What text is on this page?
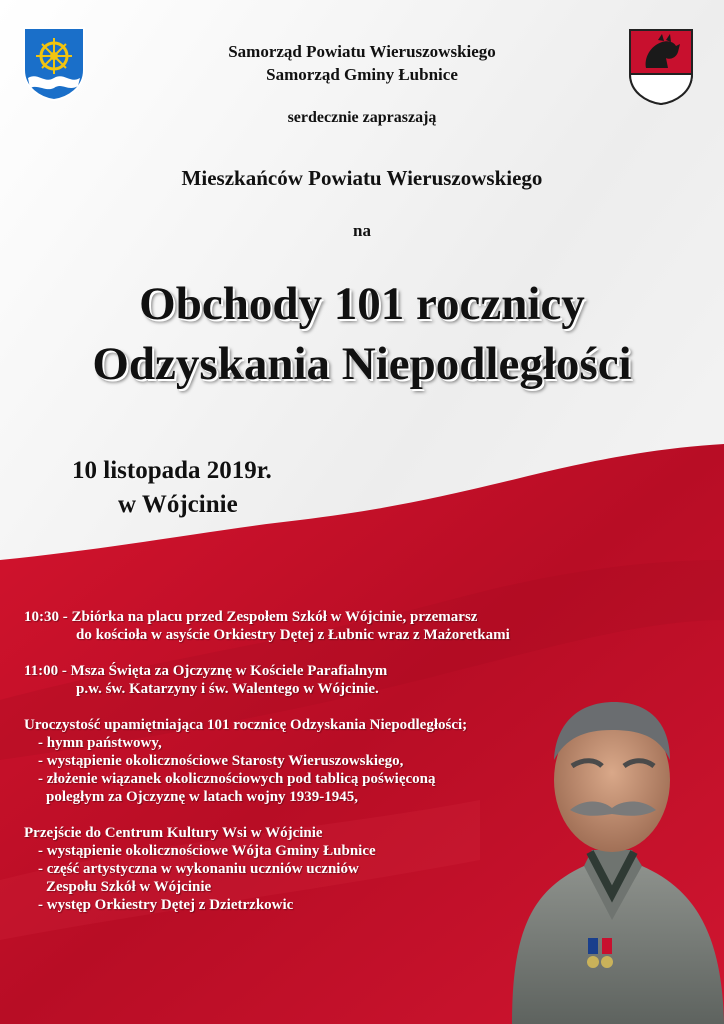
Samorząd Powiatu Wieruszowskiego
Samorząd Gminy Łubnice
serdecznie zapraszają
Mieszkańców Powiatu Wieruszowskiego
na
Obchody 101 rocznicy
Odzyskania Niepodległości
10 listopada 2019r.
w Wójcinie
10:30 - Zbiórka na placu przed Zespołem Szkół w Wójcinie, przemarsz
do kościoła w asyście Orkiestry Dętej z Łubnic wraz z Mażoretkami
11:00 - Msza Święta za Ojczyznę w Kościele Parafialnym
p.w. św. Katarzyny i św. Walentego w Wójcinie.
Uroczystość upamiętniająca 101 rocznicę Odzyskania Niepodległości;
- hymn państwowy,
- wystąpienie okolicznościowe Starosty Wieruszowskiego,
- złożenie wiązanek okolicznościowych pod tablicą poświęconą
poległym za Ojczyznę w latach wojny 1939-1945,
Przejście do Centrum Kultury Wsi w Wójcinie
- wystąpienie okolicznościowe Wójta Gminy Łubnice
- część artystyczna w wykonaniu uczniów uczniów
Zespołu Szkół w Wójcinie
- występ Orkiestry Dętej z Dzietrzkowic
